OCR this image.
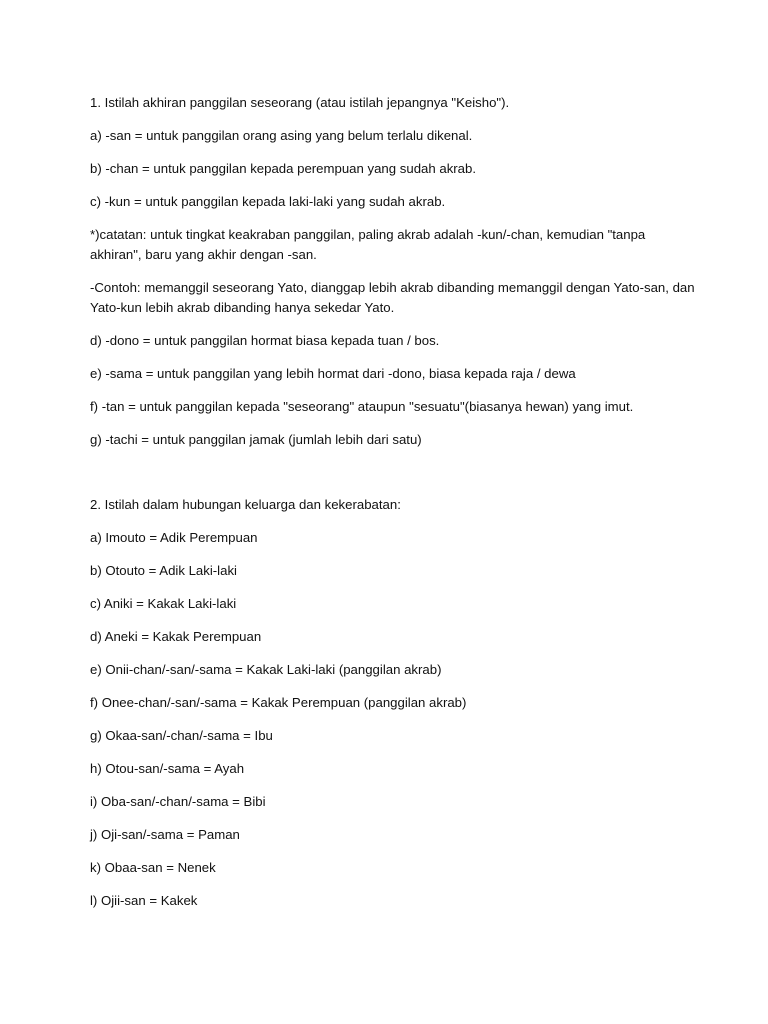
1. Istilah akhiran panggilan seseorang (atau istilah jepangnya "Keisho").
a) -san = untuk panggilan orang asing yang belum terlalu dikenal.
b) -chan = untuk panggilan kepada perempuan yang sudah akrab.
c) -kun = untuk panggilan kepada laki-laki yang sudah akrab.
*)catatan: untuk tingkat keakraban panggilan, paling akrab adalah -kun/-chan, kemudian "tanpa
akhiran", baru yang akhir dengan -san.
-Contoh: memanggil seseorang Yato, dianggap lebih akrab dibanding memanggil dengan Yato-san, dan
Yato-kun lebih akrab dibanding hanya sekedar Yato.
d) -dono = untuk panggilan hormat biasa kepada tuan / bos.
e) -sama = untuk panggilan yang lebih hormat dari -dono, biasa kepada raja / dewa
f) -tan = untuk panggilan kepada "seseorang" ataupun "sesuatu"(biasanya hewan) yang imut.
g) -tachi = untuk panggilan jamak (jumlah lebih dari satu)
2. Istilah dalam hubungan keluarga dan kekerabatan:
a) Imouto = Adik Perempuan
b) Otouto = Adik Laki-laki
c) Aniki = Kakak Laki-laki
d) Aneki = Kakak Perempuan
e) Onii-chan/-san/-sama = Kakak Laki-laki (panggilan akrab)
f) Onee-chan/-san/-sama = Kakak Perempuan (panggilan akrab)
g) Okaa-san/-chan/-sama = Ibu
h) Otou-san/-sama = Ayah
i) Oba-san/-chan/-sama = Bibi
j) Oji-san/-sama = Paman
k) Obaa-san = Nenek
l) Ojii-san = Kakek
